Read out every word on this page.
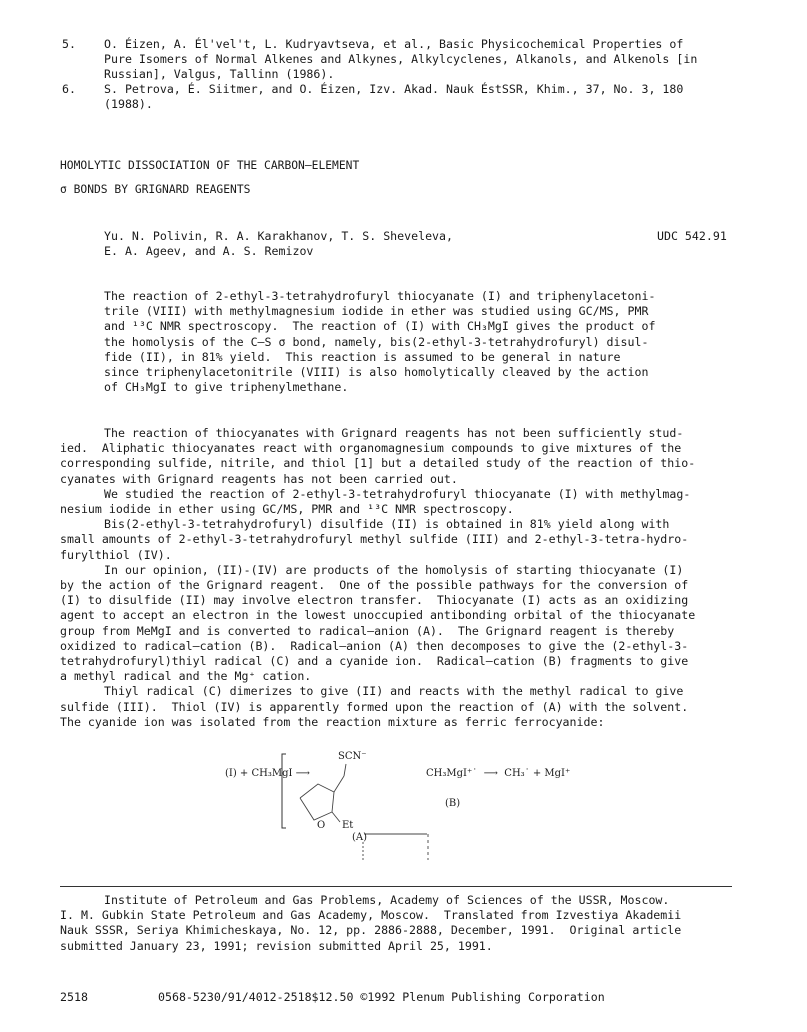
5. O. Éizen, A. Él'vel't, L. Kudryavtseva, et al., Basic Physicochemical Properties of
Pure Isomers of Normal Alkenes and Alkynes, Alkylcyclenes, Alkanols, and Alkenols [in
Russian], Valgus, Tallinn (1986).
6. S. Petrova, É. Siitmer, and O. Éizen, Izv. Akad. Nauk ÉstSSR, Khim., 37, No. 3, 180
(1988).
HOMOLYTIC DISSOCIATION OF THE CARBON—ELEMENT
σ BONDS BY GRIGNARD REAGENTS
Yu. N. Polivin, R. A. Karakhanov, T. S. Sheveleva,
E. A. Ageev, and A. S. Remizov
UDC 542.91
The reaction of 2-ethyl-3-tetrahydrofuryl thiocyanate (I) and triphenylacetoni-
trile (VIII) with methylmagnesium iodide in ether was studied using GC/MS, PMR
and ¹³C NMR spectroscopy.  The reaction of (I) with CH₃MgI gives the product of
the homolysis of the C–S σ bond, namely, bis(2-ethyl-3-tetrahydrofuryl) disul-
fide (II), in 81% yield.  This reaction is assumed to be general in nature
since triphenylacetonitrile (VIII) is also homolytically cleaved by the action
of CH₃MgI to give triphenylmethane.
The reaction of thiocyanates with Grignard reagents has not been sufficiently stud-
ied.  Aliphatic thiocyanates react with organomagnesium compounds to give mixtures of the
corresponding sulfide, nitrile, and thiol [1] but a detailed study of the reaction of thio-
cyanates with Grignard reagents has not been carried out.
We studied the reaction of 2-ethyl-3-tetrahydrofuryl thiocyanate (I) with methylmag-
nesium iodide in ether using GC/MS, PMR and ¹³C NMR spectroscopy.
Bis(2-ethyl-3-tetrahydrofuryl) disulfide (II) is obtained in 81% yield along with
small amounts of 2-ethyl-3-tetrahydrofuryl methyl sulfide (III) and 2-ethyl-3-tetra-hydro-
furylthiol (IV).
In our opinion, (II)-(IV) are products of the homolysis of starting thiocyanate (I)
by the action of the Grignard reagent.  One of the possible pathways for the conversion of
(I) to disulfide (II) may involve electron transfer.  Thiocyanate (I) acts as an oxidizing
agent to accept an electron in the lowest unoccupied antibonding orbital of the thiocyanate
group from MeMgI and is converted to radical—anion (A).  The Grignard reagent is thereby
oxidized to radical—cation (B).  Radical—anion (A) then decomposes to give the (2-ethyl-3-
tetrahydrofuryl)thiyl radical (C) and a cyanide ion.  Radical—cation (B) fragments to give
a methyl radical and the Mg⁺ cation.
Thiyl radical (C) dimerizes to give (II) and reacts with the methyl radical to give
sulfide (III).  Thiol (IV) is apparently formed upon the reaction of (A) with the solvent.
The cyanide ion was isolated from the reaction mixture as ferric ferrocyanide:
(I) + CH₃MgI ⟶
SCN⁻
O Et
(A)
CH₃MgI⁺˙  ⟶  CH₃˙ + MgI⁺
(B)
Institute of Petroleum and Gas Problems, Academy of Sciences of the USSR, Moscow.
I. M. Gubkin State Petroleum and Gas Academy, Moscow.  Translated from Izvestiya Akademii
Nauk SSSR, Seriya Khimicheskaya, No. 12, pp. 2886-2888, December, 1991.  Original article
submitted January 23, 1991; revision submitted April 25, 1991.
2518	0568-5230/91/4012-2518$12.50 ©1992 Plenum Publishing Corporation
